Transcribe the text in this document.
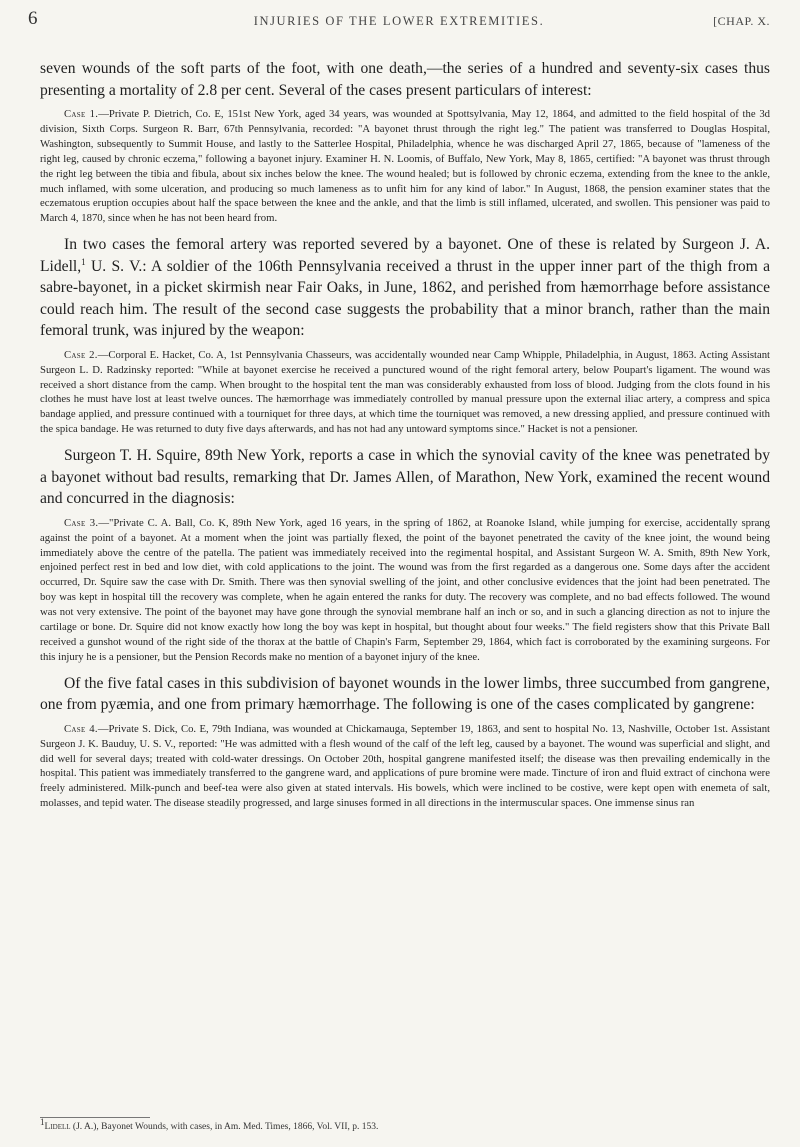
6	INJURIES OF THE LOWER EXTREMITIES.	[CHAP. X.

seven wounds of the soft parts of the foot, with one death,—the series of a hundred and seventy-six cases thus presenting a mortality of 2.8 per cent. Several of the cases present particulars of interest:

Case 1.—Private P. Dietrich, Co. E, 151st New York, aged 34 years, was wounded at Spottsylvania, May 12, 1864, and admitted to the field hospital of the 3d division, Sixth Corps. Surgeon R. Barr, 67th Pennsylvania, recorded: "A bayonet thrust through the right leg." The patient was transferred to Douglas Hospital, Washington, subsequently to Summit House, and lastly to the Satterlee Hospital, Philadelphia, whence he was discharged April 27, 1865, because of "lameness of the right leg, caused by chronic eczema," following a bayonet injury. Examiner H. N. Loomis, of Buffalo, New York, May 8, 1865, certified: "A bayonet was thrust through the right leg between the tibia and fibula, about six inches below the knee. The wound healed; but is followed by chronic eczema, extending from the knee to the ankle, much inflamed, with some ulceration, and producing so much lameness as to unfit him for any kind of labor." In August, 1868, the pension examiner states that the eczematous eruption occupies about half the space between the knee and the ankle, and that the limb is still inflamed, ulcerated, and swollen. This pensioner was paid to March 4, 1870, since when he has not been heard from.

In two cases the femoral artery was reported severed by a bayonet. One of these is related by Surgeon J. A. Lidell,$^1$ U. S. V.: A soldier of the 106th Pennsylvania received a thrust in the upper inner part of the thigh from a sabre-bayonet, in a picket skirmish near Fair Oaks, in June, 1862, and perished from hæmorrhage before assistance could reach him. The result of the second case suggests the probability that a minor branch, rather than the main femoral trunk, was injured by the weapon:

Case 2.—Corporal E. Hacket, Co. A, 1st Pennsylvania Chasseurs, was accidentally wounded near Camp Whipple, Philadelphia, in August, 1863. Acting Assistant Surgeon L. D. Radzinsky reported: "While at bayonet exercise he received a punctured wound of the right femoral artery, below Poupart's ligament. The wound was received a short distance from the camp. When brought to the hospital tent the man was considerably exhausted from loss of blood. Judging from the clots found in his clothes he must have lost at least twelve ounces. The hæmorrhage was immediately controlled by manual pressure upon the external iliac artery, a compress and spica bandage applied, and pressure continued with a tourniquet for three days, at which time the tourniquet was removed, a new dressing applied, and pressure continued with the spica bandage. He was returned to duty five days afterwards, and has not had any untoward symptoms since." Hacket is not a pensioner.

Surgeon T. H. Squire, 89th New York, reports a case in which the synovial cavity of the knee was penetrated by a bayonet without bad results, remarking that Dr. James Allen, of Marathon, New York, examined the recent wound and concurred in the diagnosis:

Case 3.—"Private C. A. Ball, Co. K, 89th New York, aged 16 years, in the spring of 1862, at Roanoke Island, while jumping for exercise, accidentally sprang against the point of a bayonet. At a moment when the joint was partially flexed, the point of the bayonet penetrated the cavity of the knee joint, the wound being immediately above the centre of the patella. The patient was immediately received into the regimental hospital, and Assistant Surgeon W. A. Smith, 89th New York, enjoined perfect rest in bed and low diet, with cold applications to the joint. The wound was from the first regarded as a dangerous one. Some days after the accident occurred, Dr. Squire saw the case with Dr. Smith. There was then synovial swelling of the joint, and other conclusive evidences that the joint had been penetrated. The boy was kept in hospital till the recovery was complete, when he again entered the ranks for duty. The recovery was complete, and no bad effects followed. The wound was not very extensive. The point of the bayonet may have gone through the synovial membrane half an inch or so, and in such a glancing direction as not to injure the cartilage or bone. Dr. Squire did not know exactly how long the boy was kept in hospital, but thought about four weeks." The field registers show that this Private Ball received a gunshot wound of the right side of the thorax at the battle of Chapin's Farm, September 29, 1864, which fact is corroborated by the examining surgeons. For this injury he is a pensioner, but the Pension Records make no mention of a bayonet injury of the knee.

Of the five fatal cases in this subdivision of bayonet wounds in the lower limbs, three succumbed from gangrene, one from pyæmia, and one from primary hæmorrhage. The following is one of the cases complicated by gangrene:

Case 4.—Private S. Dick, Co. E, 79th Indiana, was wounded at Chickamauga, September 19, 1863, and sent to hospital No. 13, Nashville, October 1st. Assistant Surgeon J. K. Bauduy, U. S. V., reported: "He was admitted with a flesh wound of the calf of the left leg, caused by a bayonet. The wound was superficial and slight, and did well for several days; treated with cold-water dressings. On October 20th, hospital gangrene manifested itself; the disease was then prevailing endemically in the hospital. This patient was immediately transferred to the gangrene ward, and applications of pure bromine were made. Tincture of iron and fluid extract of cinchona were freely administered. Milk-punch and beef-tea were also given at stated intervals. His bowels, which were inclined to be costive, were kept open with enemeta of salt, molasses, and tepid water. The disease steadily progressed, and large sinuses formed in all directions in the intermuscular spaces. One immense sinus ran

$^1$Lidell (J. A.), Bayonet Wounds, with cases, in Am. Med. Times, 1866, Vol. VII, p. 153.
